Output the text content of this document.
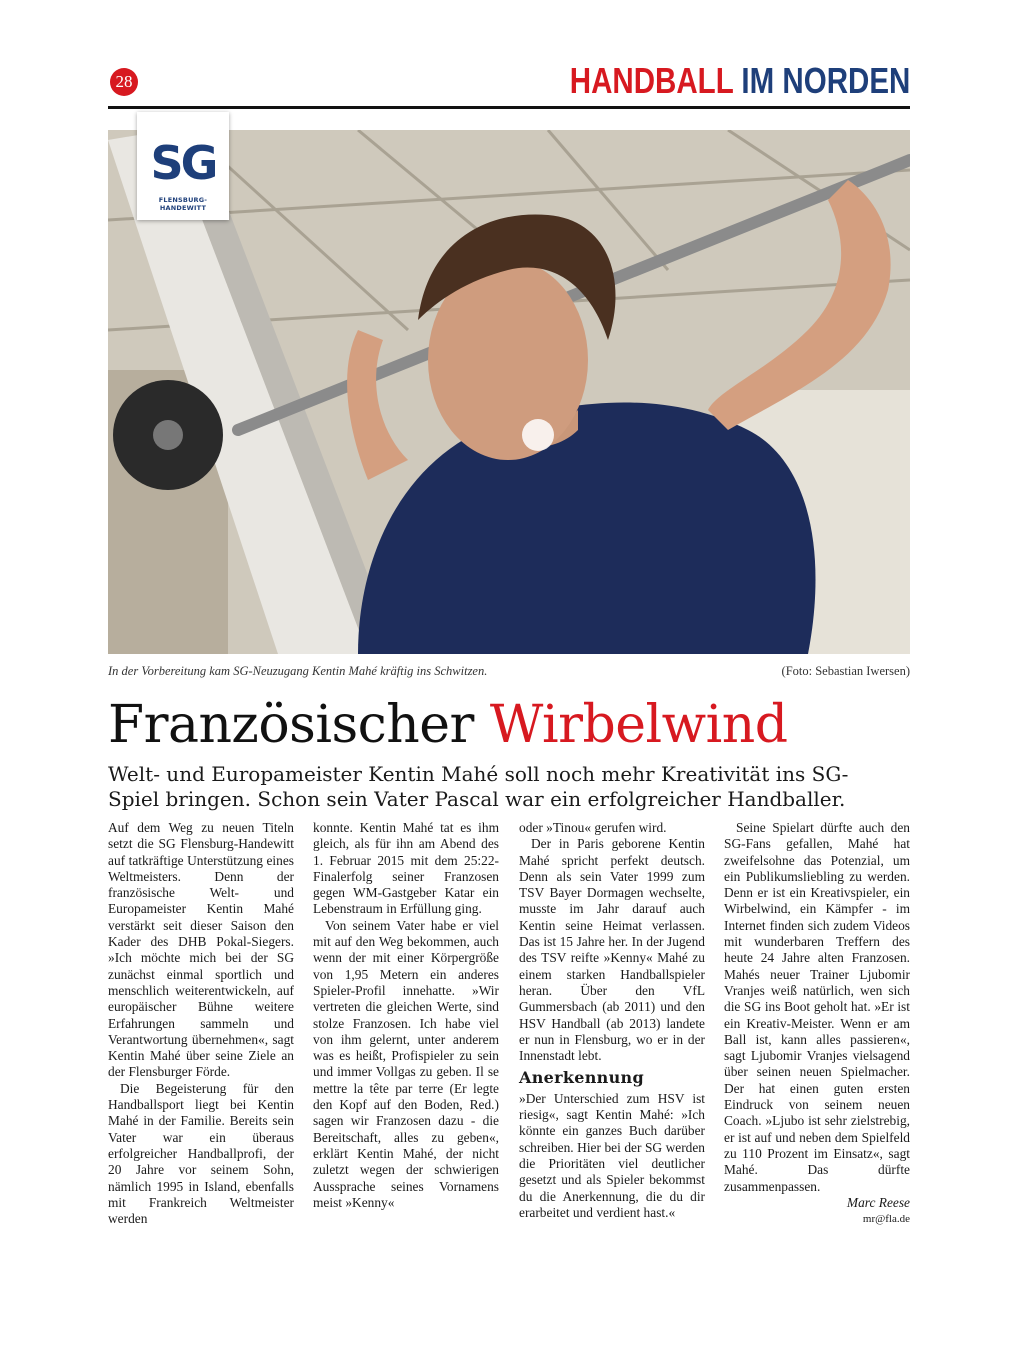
28	HANDBALL IM NORDEN
SG
FLENSBURG-HANDEWITT
In der Vorbereitung kam SG-Neuzugang Kentin Mahé kräftig ins Schwitzen.	(Foto: Sebastian Iwersen)
Französischer Wirbelwind
Welt- und Europameister Kentin Mahé soll noch mehr Kreativität ins SG-Spiel bringen. Schon sein Vater Pascal war ein erfolgreicher Handballer.

Auf dem Weg zu neuen Titeln setzt die SG Flensburg-Handewitt auf tatkräftige Unterstützung eines Weltmeisters. Denn der französische Welt- und Europameister Kentin Mahé verstärkt seit dieser Saison den Kader des DHB Pokal-Siegers. »Ich möchte mich bei der SG zunächst einmal sportlich und menschlich weiterentwickeln, auf europäischer Bühne weitere Erfahrungen sammeln und Verantwortung übernehmen«, sagt Kentin Mahé über seine Ziele an der Flensburger Förde.

Die Begeisterung für den Handballsport liegt bei Kentin Mahé in der Familie. Bereits sein Vater war ein überaus erfolgreicher Handballprofi, der 20 Jahre vor seinem Sohn, nämlich 1995 in Island, ebenfalls mit Frankreich Weltmeister werden

konnte. Kentin Mahé tat es ihm gleich, als für ihn am Abend des 1. Februar 2015 mit dem 25:22-Finalerfolg seiner Franzosen gegen WM-Gastgeber Katar ein Lebenstraum in Erfüllung ging.

Von seinem Vater habe er viel mit auf den Weg bekommen, auch wenn der mit einer Körpergröße von 1,95 Metern ein anderes Spieler-Profil innehatte. »Wir vertreten die gleichen Werte, sind stolze Franzosen. Ich habe viel von ihm gelernt, unter anderem was es heißt, Profispieler zu sein und immer Vollgas zu geben. Il se mettre la tête par terre (Er legte den Kopf auf den Boden, Red.) sagen wir Franzosen dazu - die Bereitschaft, alles zu geben«, erklärt Kentin Mahé, der nicht zuletzt wegen der schwierigen Aussprache seines Vornamens meist »Kenny«

oder »Tinou« gerufen wird.

Der in Paris geborene Kentin Mahé spricht perfekt deutsch. Denn als sein Vater 1999 zum TSV Bayer Dormagen wechselte, musste im Jahr darauf auch Kentin seine Heimat verlassen. Das ist 15 Jahre her. In der Jugend des TSV reifte »Kenny« Mahé zu einem starken Handballspieler heran. Über den VfL Gummersbach (ab 2011) und den HSV Handball (ab 2013) landete er nun in Flensburg, wo er in der Innenstadt lebt.

Anerkennung

»Der Unterschied zum HSV ist riesig«, sagt Kentin Mahé: »Ich könnte ein ganzes Buch darüber schreiben. Hier bei der SG werden die Prioritäten viel deutlicher gesetzt und als Spieler bekommst du die Anerkennung, die du dir erarbeitet und verdient hast.«

Seine Spielart dürfte auch den SG-Fans gefallen, Mahé hat zweifelsohne das Potenzial, um ein Publikumsliebling zu werden. Denn er ist ein Kreativspieler, ein Wirbelwind, ein Kämpfer - im Internet finden sich zudem Videos mit wunderbaren Treffern des heute 24 Jahre alten Franzosen. Mahés neuer Trainer Ljubomir Vranjes weiß natürlich, wen sich die SG ins Boot geholt hat. »Er ist ein Kreativ-Meister. Wenn er am Ball ist, kann alles passieren«, sagt Ljubomir Vranjes vielsagend über seinen neuen Spielmacher. Der hat einen guten ersten Eindruck von seinem neuen Coach. »Ljubo ist sehr zielstrebig, er ist auf und neben dem Spielfeld zu 110 Prozent im Einsatz«, sagt Mahé. Das dürfte zusammenpassen.

Marc Reese
mr@fla.de
